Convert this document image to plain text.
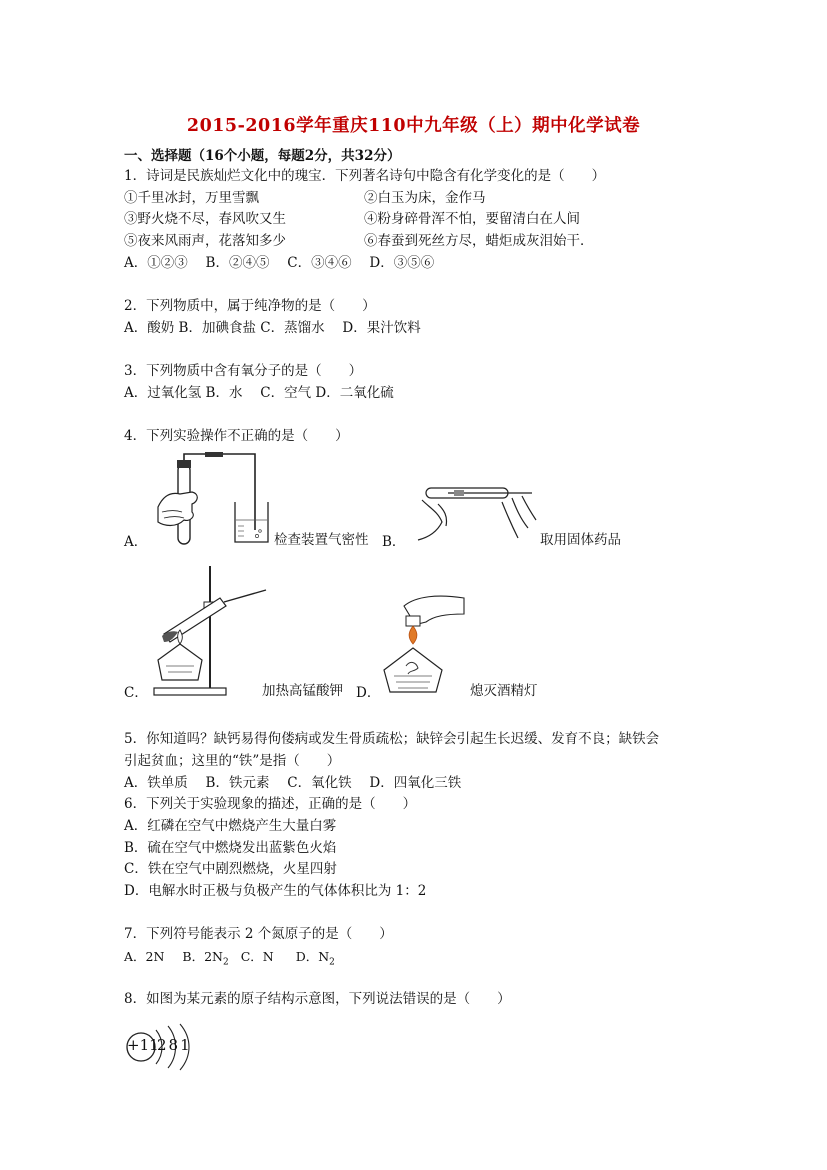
2015-2016学年重庆110中九年级（上）期中化学试卷
一、选择题（16个小题，每题2分，共32分）
1．诗词是民族灿烂文化中的瑰宝．下列著名诗句中隐含有化学变化的是（　　）
①千里冰封，万里雪飘	②白玉为床，金作马
③野火烧不尽，春风吹又生	④粉身碎骨浑不怕，要留清白在人间
⑤夜来风雨声，花落知多少	⑥春蚕到死丝方尽，蜡炬成灰泪始干．
A．①②③　 B．②④⑤　 C．③④⑥　 D．③⑤⑥
2．下列物质中，属于纯净物的是（　　）
A．酸奶 B．加碘食盐 C．蒸馏水　 D．果汁饮料
3．下列物质中含有氧分子的是（　　）
A．过氧化氢 B．水　 C．空气 D．二氧化硫
4．下列实验操作不正确的是（　　）
A．	检查装置气密性 B．	取用固体药品
C．	加热高锰酸钾 D．	熄灭酒精灯
5．你知道吗？缺钙易得佝偻病或发生骨质疏松；缺锌会引起生长迟缓、发育不良；缺铁会
引起贫血；这里的“铁”是指（　　）
A．铁单质　 B．铁元素　 C．氧化铁　 D．四氧化三铁
6．下列关于实验现象的描述，正确的是（　　）
A．红磷在空气中燃烧产生大量白雾
B．硫在空气中燃烧发出蓝紫色火焰
C．铁在空气中剧烈燃烧，火星四射
D．电解水时正极与负极产生的气体体积比为 1：2
7．下列符号能表示 2 个氮原子的是（　　）
A．2N B．$2N_2$ C．N D．$N_2$
8．如图为某元素的原子结构示意图，下列说法错误的是（　　）
+11
281
